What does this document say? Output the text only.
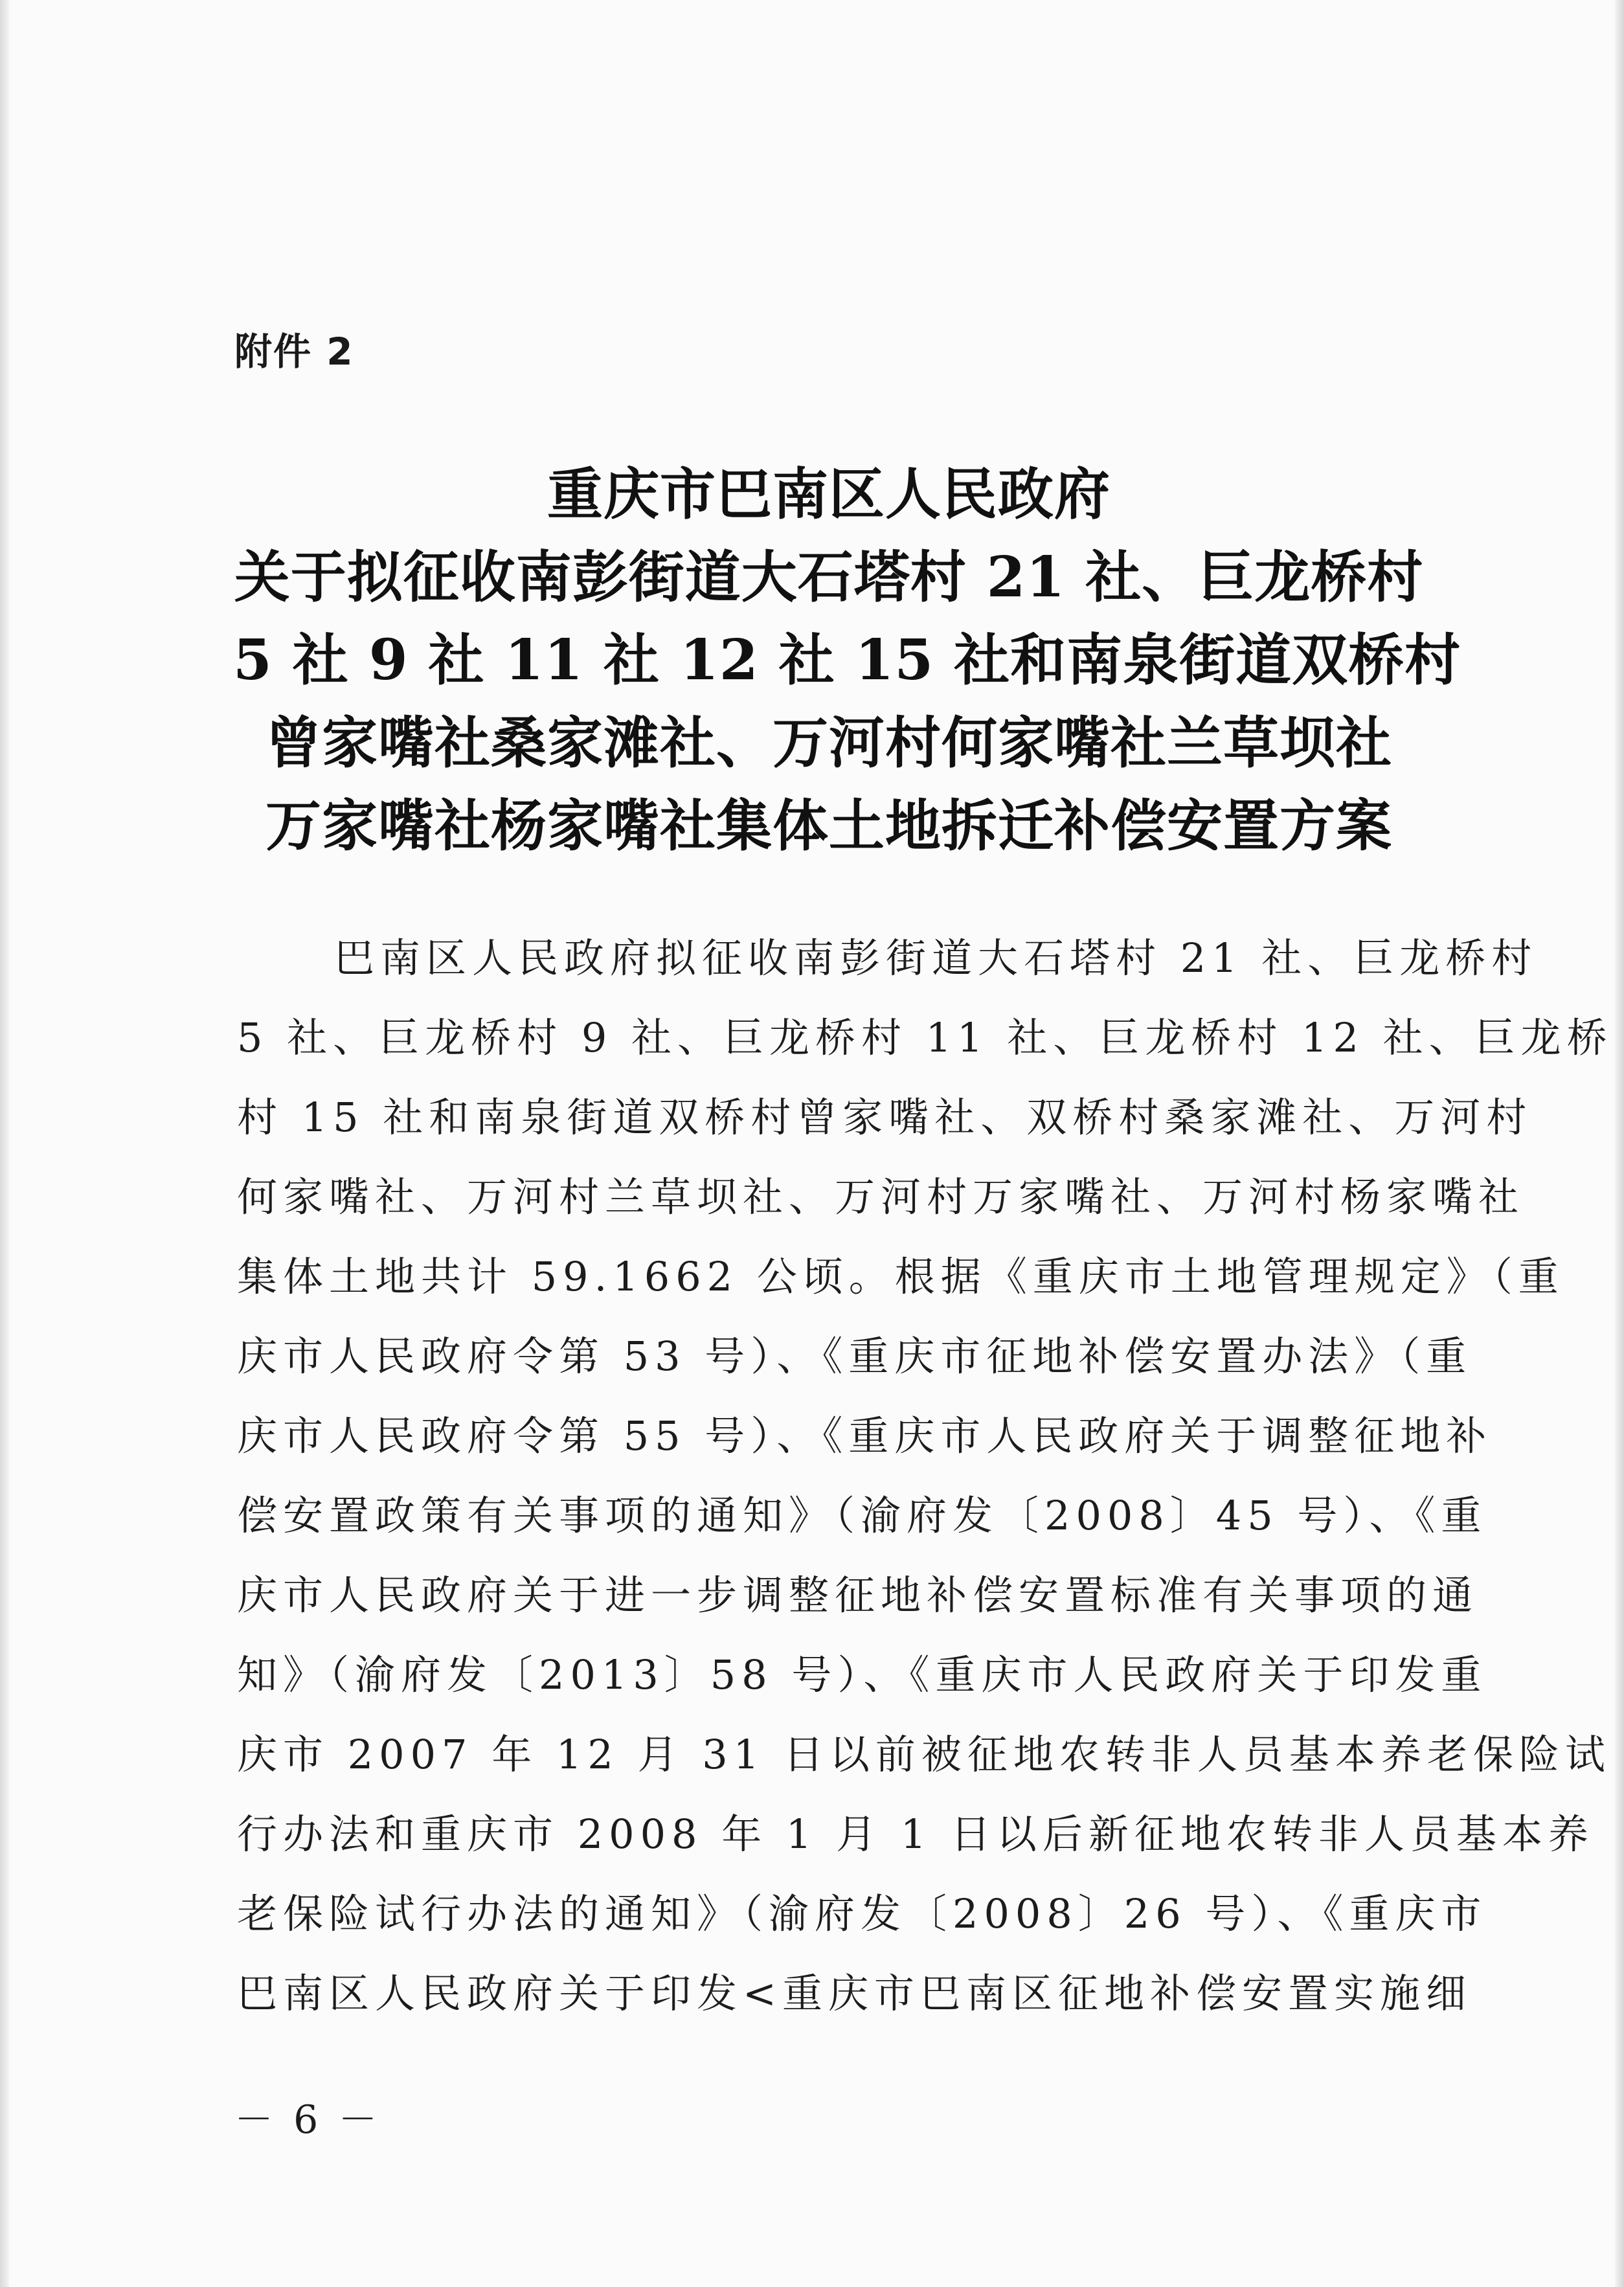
附件 2
重庆市巴南区人民政府
关于拟征收南彭街道大石塔村 21 社、巨龙桥村
5 社 9 社 11 社 12 社 15 社和南泉街道双桥村
曾家嘴社桑家滩社、万河村何家嘴社兰草坝社
万家嘴社杨家嘴社集体土地拆迁补偿安置方案
巴南区人民政府拟征收南彭街道大石塔村 21 社、巨龙桥村
5 社、巨龙桥村 9 社、巨龙桥村 11 社、巨龙桥村 12 社、巨龙桥
村 15 社和南泉街道双桥村曾家嘴社、双桥村桑家滩社、万河村
何家嘴社、万河村兰草坝社、万河村万家嘴社、万河村杨家嘴社
集体土地共计 59.1662 公顷。根据《重庆市土地管理规定》（重
庆市人民政府令第 53 号）、《重庆市征地补偿安置办法》（重
庆市人民政府令第 55 号）、《重庆市人民政府关于调整征地补
偿安置政策有关事项的通知》（渝府发〔2008〕45 号）、《重
庆市人民政府关于进一步调整征地补偿安置标准有关事项的通
知》（渝府发〔2013〕58 号）、《重庆市人民政府关于印发重
庆市 2007 年 12 月 31 日以前被征地农转非人员基本养老保险试
行办法和重庆市 2008 年 1 月 1 日以后新征地农转非人员基本养
老保险试行办法的通知》（渝府发〔2008〕26 号）、《重庆市
巴南区人民政府关于印发<重庆市巴南区征地补偿安置实施细
－ 6 －
